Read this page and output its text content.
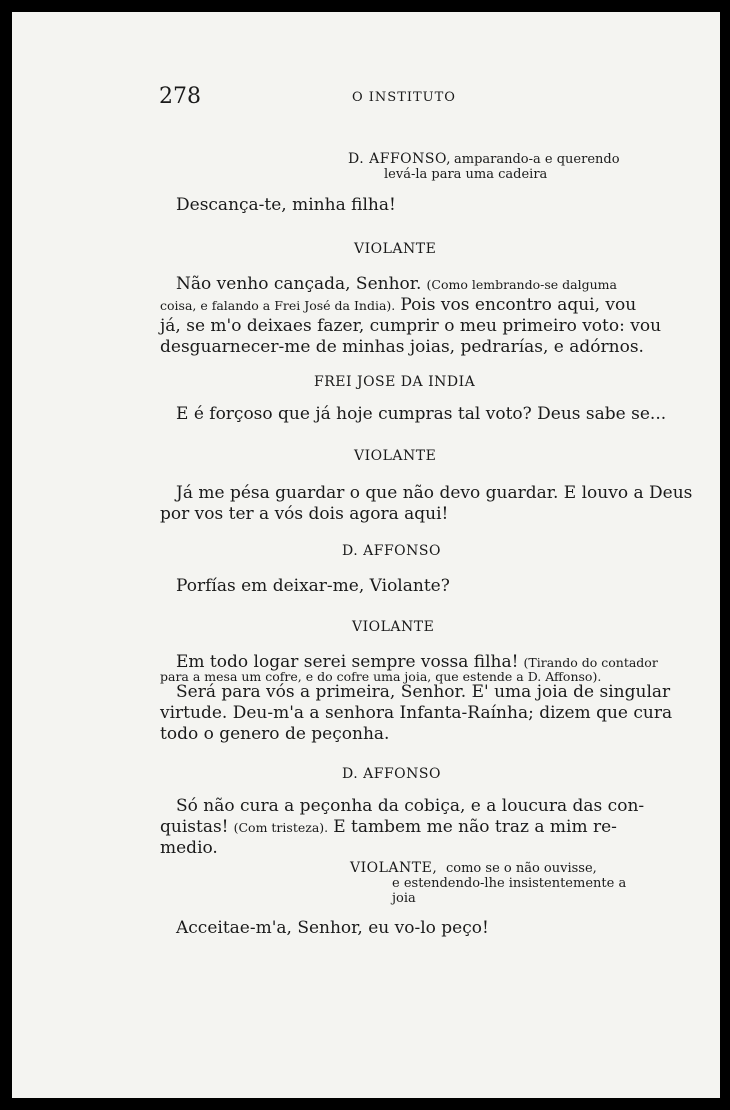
278	O INSTITUTO
D. AFFONSO, amparando-a e querendo
levá-la para uma cadeira
Descança-te, minha filha!
VIOLANTE
Não venho cançada, Senhor. (Como lembrando-se dalguma
coisa, e falando a Frei José da India). Pois vos encontro aqui, vou
já, se m'o deixaes fazer, cumprir o meu primeiro voto: vou
desguarnecer-me de minhas joias, pedrarías, e adórnos.
FREI JOSE DA INDIA
E é forçoso que já hoje cumpras tal voto? Deus sabe se...
VIOLANTE
Já me pésa guardar o que não devo guardar. E louvo a Deus
por vos ter a vós dois agora aqui!
D. AFFONSO
Porfías em deixar-me, Violante?
VIOLANTE
Em todo logar serei sempre vossa filha! (Tirando do contador
para a mesa um cofre, e do cofre uma joia, que estende a D. Affonso).
Será para vós a primeira, Senhor. E' uma joia de singular
virtude. Deu-m'a a senhora Infanta-Raínha; dizem que cura
todo o genero de peçonha.
D. AFFONSO
Só não cura a peçonha da cobiça, e a loucura das con-
quistas! (Com tristeza). E tambem me não traz a mim re-
medio.
VIOLANTE, como se o não ouvisse,
e estendendo-lhe insistentemente a
joia
Acceitae-m'a, Senhor, eu vo-lo peço!
